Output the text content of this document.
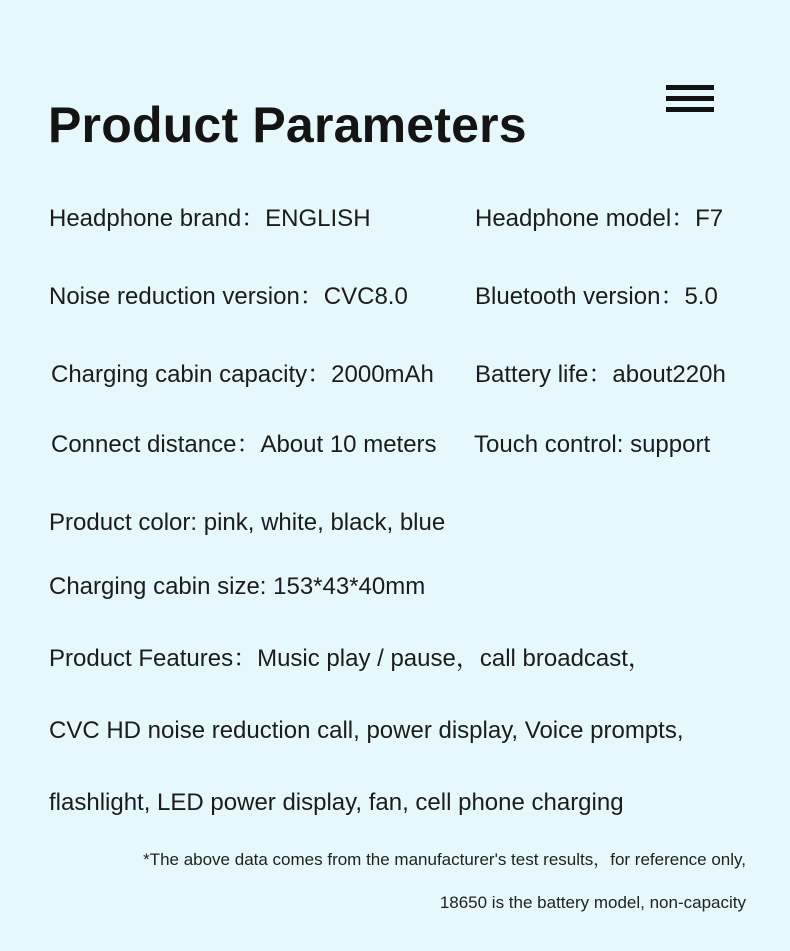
Product Parameters
Headphone brand：ENGLISH	Headphone model：F7
Noise reduction version：CVC8.0	Bluetooth version：5.0
Charging cabin capacity：2000mAh Battery life：about220h
Connect distance：About 10 meters Touch control: support
Product color: pink, white, black, blue
Charging cabin size: 153*43*40mm
Product Features：Music play / pause，call broadcast，
CVC HD noise reduction call, power display, Voice prompts,
flashlight, LED power display, fan, cell phone charging
*The above data comes from the manufacturer's test results，for reference only,
18650 is the battery model, non-capacity
